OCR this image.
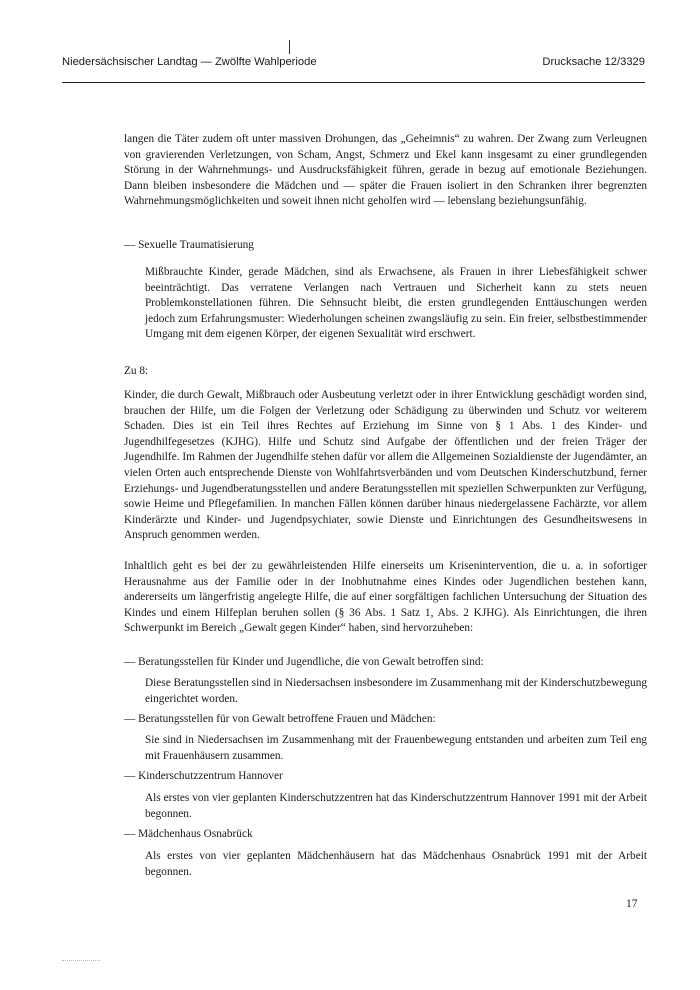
Niedersächsischer Landtag — Zwölfte Wahlperiode	Drucksache 12/3329

langen die Täter zudem oft unter massiven Drohungen, das „Geheimnis“ zu wahren. Der Zwang zum Verleugnen von gravierenden Verletzungen, von Scham, Angst, Schmerz und Ekel kann insgesamt zu einer grundlegenden Störung in der Wahrnehmungs- und Ausdrucksfähigkeit führen, gerade in bezug auf emotionale Beziehungen. Dann bleiben insbesondere die Mädchen und — später die Frauen isoliert in den Schranken ihrer begrenzten Wahrnehmungsmöglichkeiten und soweit ihnen nicht geholfen wird — lebenslang beziehungsunfähig.

— Sexuelle Traumatisierung

Mißbrauchte Kinder, gerade Mädchen, sind als Erwachsene, als Frauen in ihrer Liebesfähigkeit schwer beeinträchtigt. Das verratene Verlangen nach Vertrauen und Sicherheit kann zu stets neuen Problemkonstellationen führen. Die Sehnsucht bleibt, die ersten grundlegenden Enttäuschungen werden jedoch zum Erfahrungsmuster: Wiederholungen scheinen zwangsläufig zu sein. Ein freier, selbstbestimmender Umgang mit dem eigenen Körper, der eigenen Sexualität wird erschwert.

Zu 8:

Kinder, die durch Gewalt, Mißbrauch oder Ausbeutung verletzt oder in ihrer Entwicklung geschädigt worden sind, brauchen der Hilfe, um die Folgen der Verletzung oder Schädigung zu überwinden und Schutz vor weiterem Schaden. Dies ist ein Teil ihres Rechtes auf Erziehung im Sinne von § 1 Abs. 1 des Kinder- und Jugendhilfegesetzes (KJHG). Hilfe und Schutz sind Aufgabe der öffentlichen und der freien Träger der Jugendhilfe. Im Rahmen der Jugendhilfe stehen dafür vor allem die Allgemeinen Sozialdienste der Jugendämter, an vielen Orten auch entsprechende Dienste von Wohlfahrtsverbänden und vom Deutschen Kinderschutzbund, ferner Erziehungs- und Jugendberatungsstellen und andere Beratungsstellen mit speziellen Schwerpunkten zur Verfügung, sowie Heime und Pflegefamilien. In manchen Fällen können darüber hinaus niedergelassene Fachärzte, vor allem Kinderärzte und Kinder- und Jugendpsychiater, sowie Dienste und Einrichtungen des Gesundheitswesens in Anspruch genommen werden.

Inhaltlich geht es bei der zu gewährleistenden Hilfe einerseits um Krisenintervention, die u. a. in sofortiger Herausnahme aus der Familie oder in der Inobhutnahme eines Kindes oder Jugendlichen bestehen kann, andererseits um längerfristig angelegte Hilfe, die auf einer sorgfältigen fachlichen Untersuchung der Situation des Kindes und einem Hilfeplan beruhen sollen (§ 36 Abs. 1 Satz 1, Abs. 2 KJHG). Als Einrichtungen, die ihren Schwerpunkt im Bereich „Gewalt gegen Kinder“ haben, sind hervorzuheben:

— Beratungsstellen für Kinder und Jugendliche, die von Gewalt betroffen sind:

Diese Beratungsstellen sind in Niedersachsen insbesondere im Zusammenhang mit der Kinderschutzbewegung eingerichtet worden.

— Beratungsstellen für von Gewalt betroffene Frauen und Mädchen:

Sie sind in Niedersachsen im Zusammenhang mit der Frauenbewegung entstanden und arbeiten zum Teil eng mit Frauenhäusern zusammen.

— Kinderschutzzentrum Hannover

Als erstes von vier geplanten Kinderschutzzentren hat das Kinderschutzzentrum Hannover 1991 mit der Arbeit begonnen.

— Mädchenhaus Osnabrück

Als erstes von vier geplanten Mädchenhäusern hat das Mädchenhaus Osnabrück 1991 mit der Arbeit begonnen.

17
